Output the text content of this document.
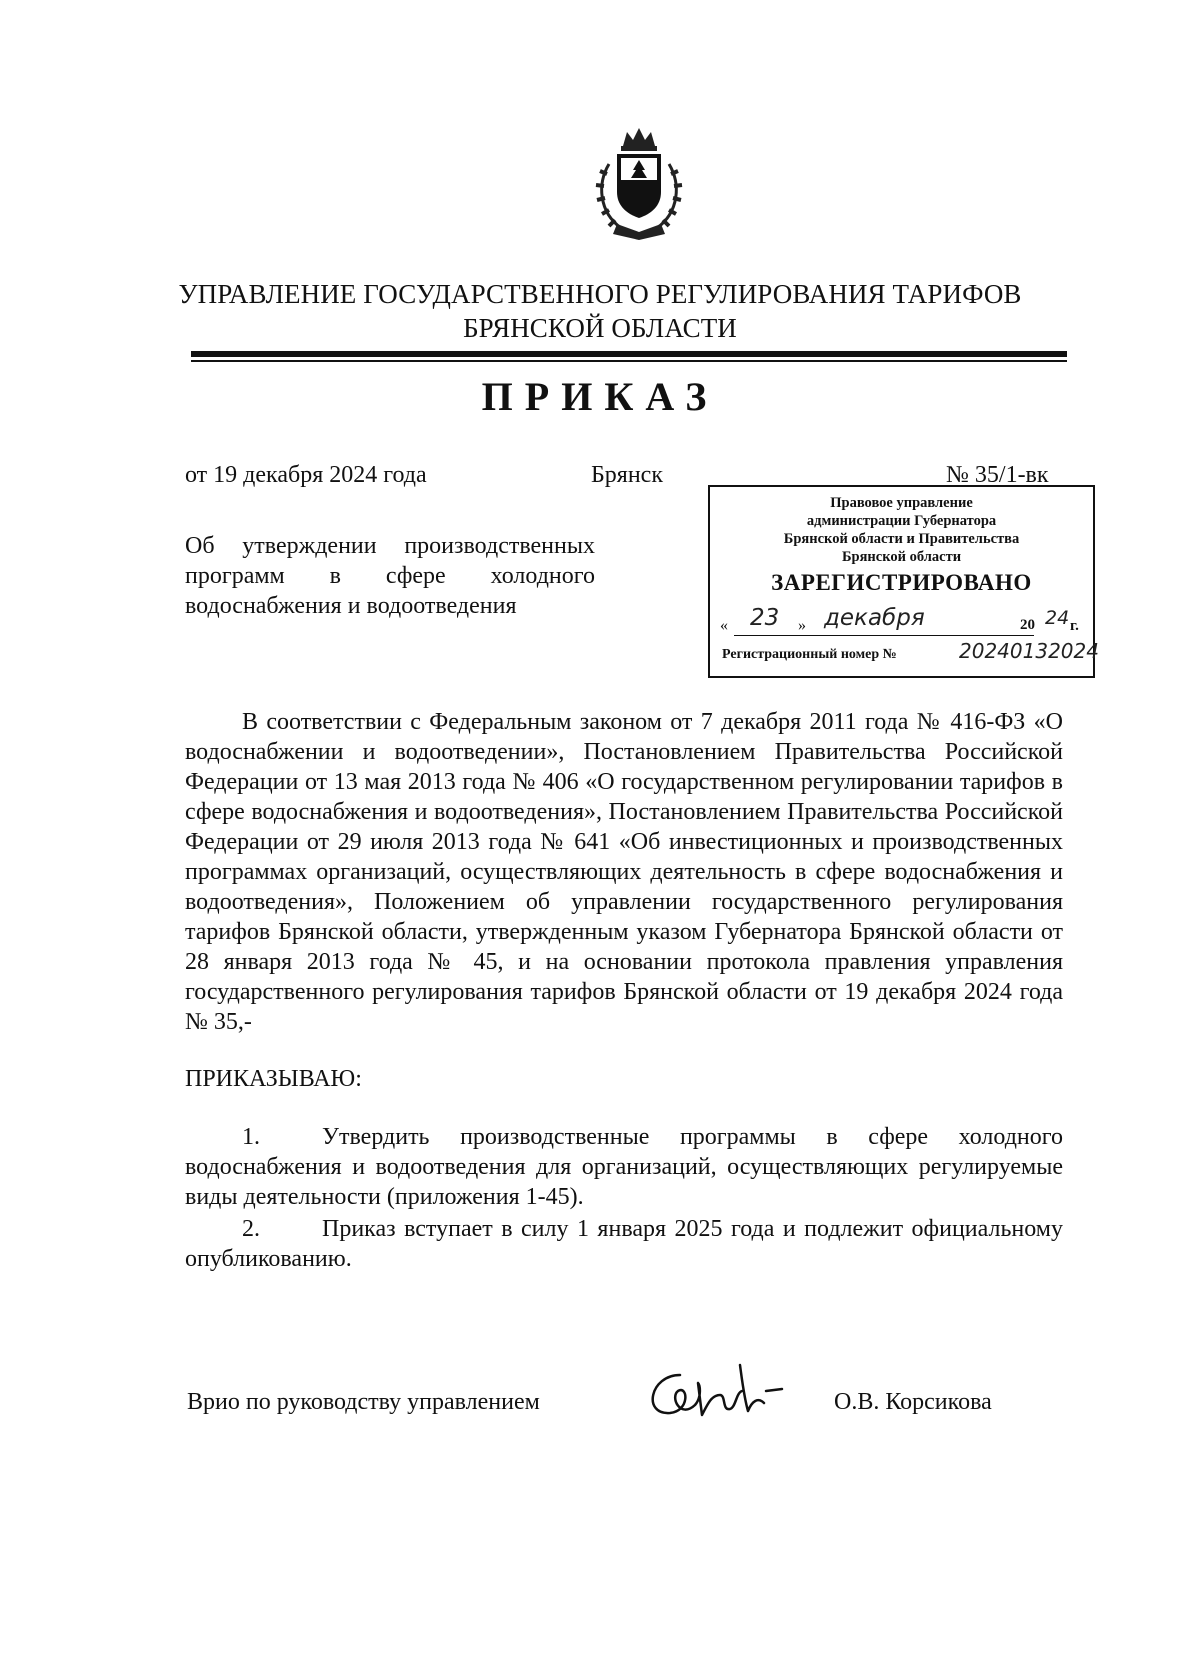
УПРАВЛЕНИЕ ГОСУДАРСТВЕННОГО РЕГУЛИРОВАНИЯ ТАРИФОВ
БРЯНСКОЙ ОБЛАСТИ
ПРИКАЗ
от 19 декабря 2024 года	Брянск	№ 35/1-вк
Об утверждении производственных программ в сфере холодного водоснабжения и водоотведения
Правовое управление
администрации Губернатора
Брянской области и Правительства
Брянской области
ЗАРЕГИСТРИРОВАНО
« 23 » декабря	20 24 г.
Регистрационный номер №	20240132024

В соответствии с Федеральным законом от 7 декабря 2011 года № 416-ФЗ «О водоснабжении и водоотведении», Постановлением Правительства Российской Федерации от 13 мая 2013 года № 406 «О государственном регулировании тарифов в сфере водоснабжения и водоотведения», Постановлением Правительства Российской Федерации от 29 июля 2013 года № 641 «Об инвестиционных и производственных программах организаций, осуществляющих деятельность в сфере водоснабжения и водоотведения», Положением об управлении государственного регулирования тарифов Брянской области, утвержденным указом Губернатора Брянской области от 28 января 2013 года № 45, и на основании протокола правления управления государственного регулирования тарифов Брянской области от 19 декабря 2024 года № 35,-

ПРИКАЗЫВАЮ:

1.	Утвердить производственные программы в сфере холодного водоснабжения и водоотведения для организаций, осуществляющих регулируемые виды деятельности (приложения 1-45).

2.	Приказ вступает в силу 1 января 2025 года и подлежит официальному опубликованию.

Врио по руководству управлением	О.В. Корсикова
